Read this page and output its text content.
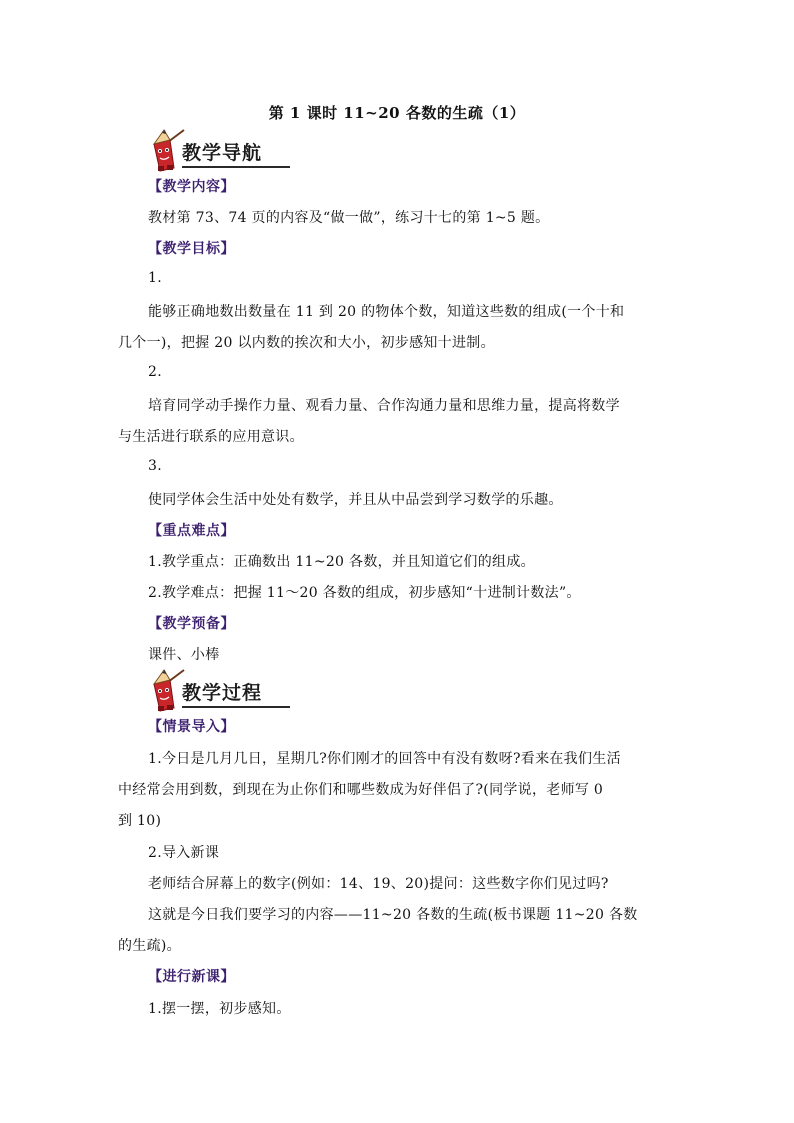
第 1 课时 11~20 各数的生疏（1）
教学导航
【教学内容】
教材第 73、74 页的内容及“做一做”，练习十七的第 1~5 题。
【教学目标】
1.
能够正确地数出数量在 11 到 20 的物体个数，知道这些数的组成(一个十和
几个一)，把握 20 以内数的挨次和大小，初步感知十进制。
2.
培育同学动手操作力量、观看力量、合作沟通力量和思维力量，提高将数学
与生活进行联系的应用意识。
3.
使同学体会生活中处处有数学，并且从中品尝到学习数学的乐趣。
【重点难点】
1.教学重点：正确数出 11~20 各数，并且知道它们的组成。
2.教学难点：把握 11～20 各数的组成，初步感知“十进制计数法”。
【教学预备】
课件、小棒
教学过程
【情景导入】
1.今日是几月几日，星期几?你们刚才的回答中有没有数呀?看来在我们生活
中经常会用到数，到现在为止你们和哪些数成为好伴侣了?(同学说，老师写 0
到 10)
2.导入新课
老师结合屏幕上的数字(例如：14、19、20)提问：这些数字你们见过吗?
这就是今日我们要学习的内容——11~20 各数的生疏(板书课题 11~20 各数
的生疏)。
【进行新课】
1.摆一摆，初步感知。
